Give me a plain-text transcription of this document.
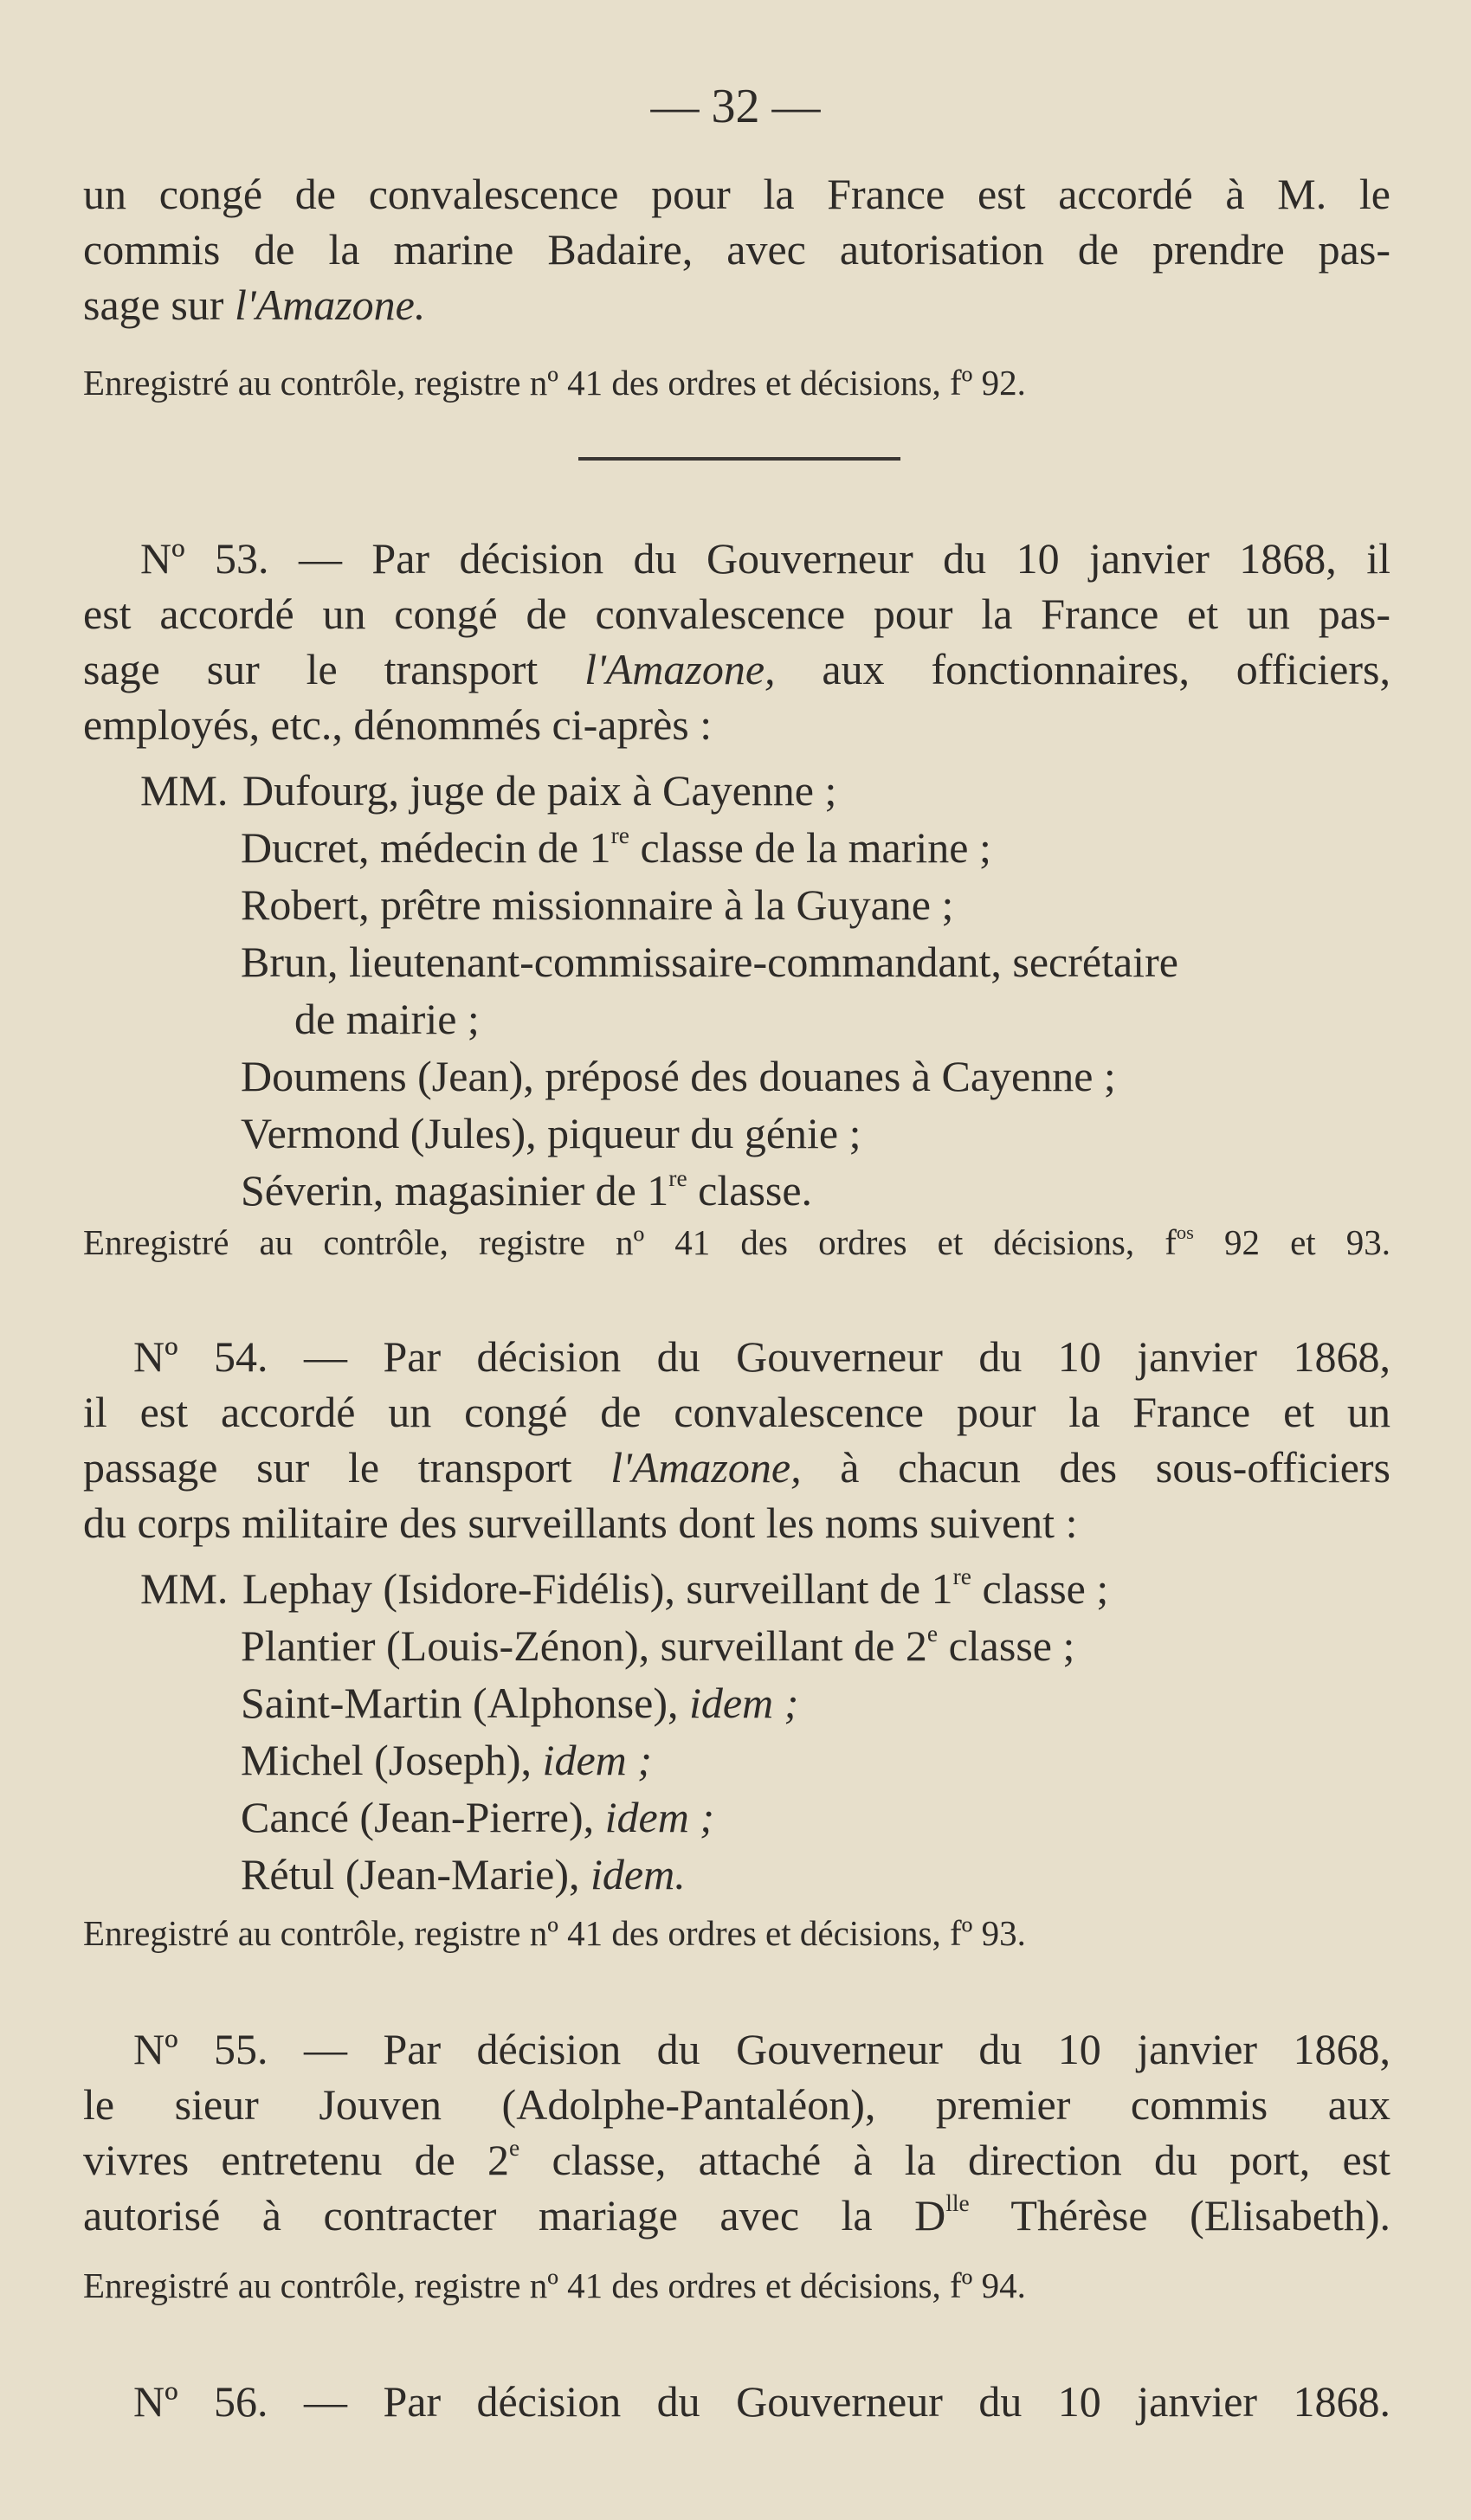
— 32 —
un congé de convalescence pour la France est accordé à M. le
commis de la marine Badaire, avec autorisation de prendre pas-
sage sur l'Amazone.
Enregistré au contrôle, registre nº 41 des ordres et décisions, fº 92.
Nº 53. — Par décision du Gouverneur du 10 janvier 1868, il
est accordé un congé de convalescence pour la France et un pas-
sage sur le transport l'Amazone, aux fonctionnaires, officiers,
employés, etc., dénommés ci-après :
MM. Dufourg, juge de paix à Cayenne ;
Ducret, médecin de 1re classe de la marine ;
Robert, prêtre missionnaire à la Guyane ;
Brun, lieutenant-commissaire-commandant, secrétaire
de mairie ;
Doumens (Jean), préposé des douanes à Cayenne ;
Vermond (Jules), piqueur du génie ;
Séverin, magasinier de 1re classe.
Enregistré au contrôle, registre nº 41 des ordres et décisions, $f^{os}$ 92 et 93.
Nº 54. — Par décision du Gouverneur du 10 janvier 1868,
il est accordé un congé de convalescence pour la France et un
passage sur le transport l'Amazone, à chacun des sous-officiers
du corps militaire des surveillants dont les noms suivent :
MM. Lephay (Isidore-Fidélis), surveillant de 1re classe ;
Plantier (Louis-Zénon), surveillant de 2e classe ;
Saint-Martin (Alphonse), idem ;
Michel (Joseph), idem ;
Cancé (Jean-Pierre), idem ;
Rétul (Jean-Marie), idem.
Enregistré au contrôle, registre nº 41 des ordres et décisions, fº 93.
Nº 55. — Par décision du Gouverneur du 10 janvier 1868,
le sieur Jouven (Adolphe-Pantaléon), premier commis aux
vivres entretenu de 2e classe, attaché à la direction du port, est
autorisé à contracter mariage avec la $D^{lle}$ Thérèse (Elisabeth).
Enregistré au contrôle, registre nº 41 des ordres et décisions, fº 94.
Nº 56. — Par décision du Gouverneur du 10 janvier 1868.
